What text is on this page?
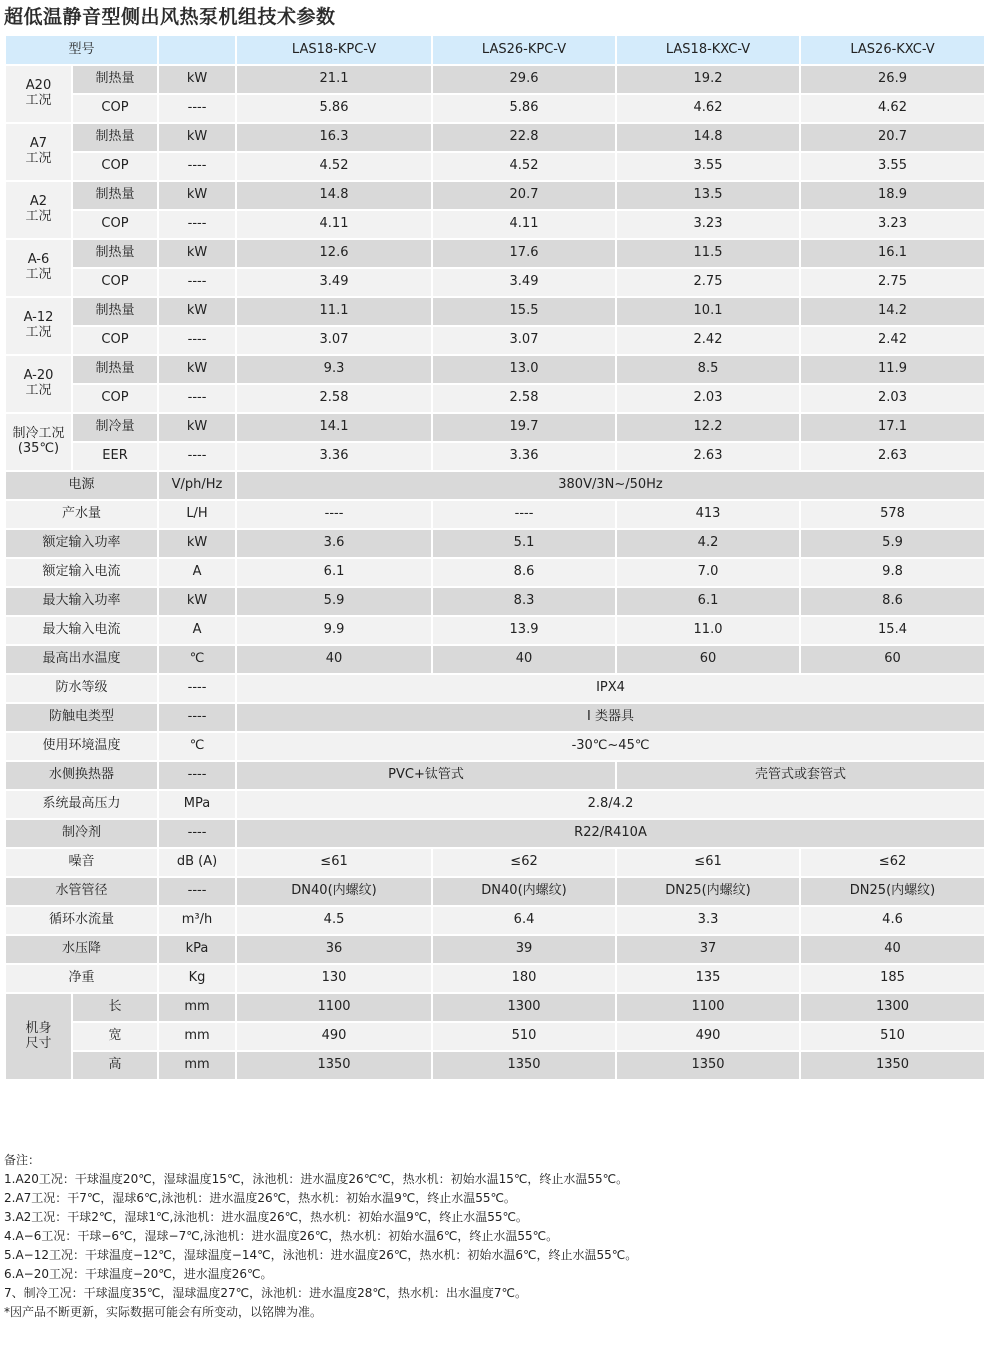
超低温静音型侧出风热泵机组技术参数
型号			LAS18-KPC-V	LAS26-KPC-V	LAS18-KXC-V	LAS26-KXC-V

A20
工况	制热量	kW	21.1	29.6	19.2	26.9
	COP	----	5.86	5.86	4.62	4.62

A7
工况	制热量	kW	16.3	22.8	14.8	20.7
	COP	----	4.52	4.52	3.55	3.55

A2
工况	制热量	kW	14.8	20.7	13.5	18.9
	COP	----	4.11	4.11	3.23	3.23

A-6
工况	制热量	kW	12.6	17.6	11.5	16.1
	COP	----	3.49	3.49	2.75	2.75

A-12
工况	制热量	kW	11.1	15.5	10.1	14.2
	COP	----	3.07	3.07	2.42	2.42

A-20
工况	制热量	kW	9.3	13.0	8.5	11.9
	COP	----	2.58	2.58	2.03	2.03

制冷工况
(35℃)	制冷量	kW	14.1	19.7	12.2	17.1
	EER	----	3.36	3.36	2.63	2.63
电源		V/ph/Hz	380V/3N~/50Hz			
产水量		L/H	----	----	413	578
额定输入功率		kW	3.6	5.1	4.2	5.9
额定输入电流		A	6.1	8.6	7.0	9.8
最大输入功率		kW	5.9	8.3	6.1	8.6
最大输入电流		A	9.9	13.9	11.0	15.4
最高出水温度		℃	40	40	60	60
防水等级		----	IPX4			
防触电类型		----	I 类器具			
使用环境温度		℃	-30℃~45℃			
水侧换热器		----	PVC+钛管式		壳管式或套管式	
系统最高压力		MPa	2.8/4.2			
制冷剂		----	R22/R410A			
噪音		dB (A)	≤61	≤62	≤61	≤62
水管管径		----	DN40(内螺纹)	DN40(内螺纹)	DN25(内螺纹)	DN25(内螺纹)
循环水流量		m³/h	4.5	6.4	3.3	4.6
水压降		kPa	36	39	37	40
净重		Kg	130	180	135	185

机身
尺寸	长	mm	1100	1300	1100	1300
	宽	mm	490	510	490	510
	高	mm	1350	1350	1350	1350
备注：
1.A20工况：干球温度20℃，湿球温度15℃，泳池机：进水温度26℃℃，热水机：初始水温15℃，终止水温55℃。
2.A7工况：干7℃，湿球6℃,泳池机：进水温度26℃，热水机：初始水温9℃，终止水温55℃。
3.A2工况：干球2℃，湿球1℃,泳池机：进水温度26℃，热水机：初始水温9℃，终止水温55℃。
4.A−6工况：干球−6℃，湿球−7℃,泳池机：进水温度26℃，热水机：初始水温6℃，终止水温55℃。
5.A−12工况：干球温度−12℃，湿球温度−14℃，泳池机：进水温度26℃，热水机：初始水温6℃，终止水温55℃。
6.A−20工况：干球温度−20℃，进水温度26℃。
7、制冷工况：干球温度35℃，湿球温度27℃，泳池机：进水温度28℃，热水机：出水温度7℃。
*因产品不断更新，实际数据可能会有所变动，以铭牌为准。
